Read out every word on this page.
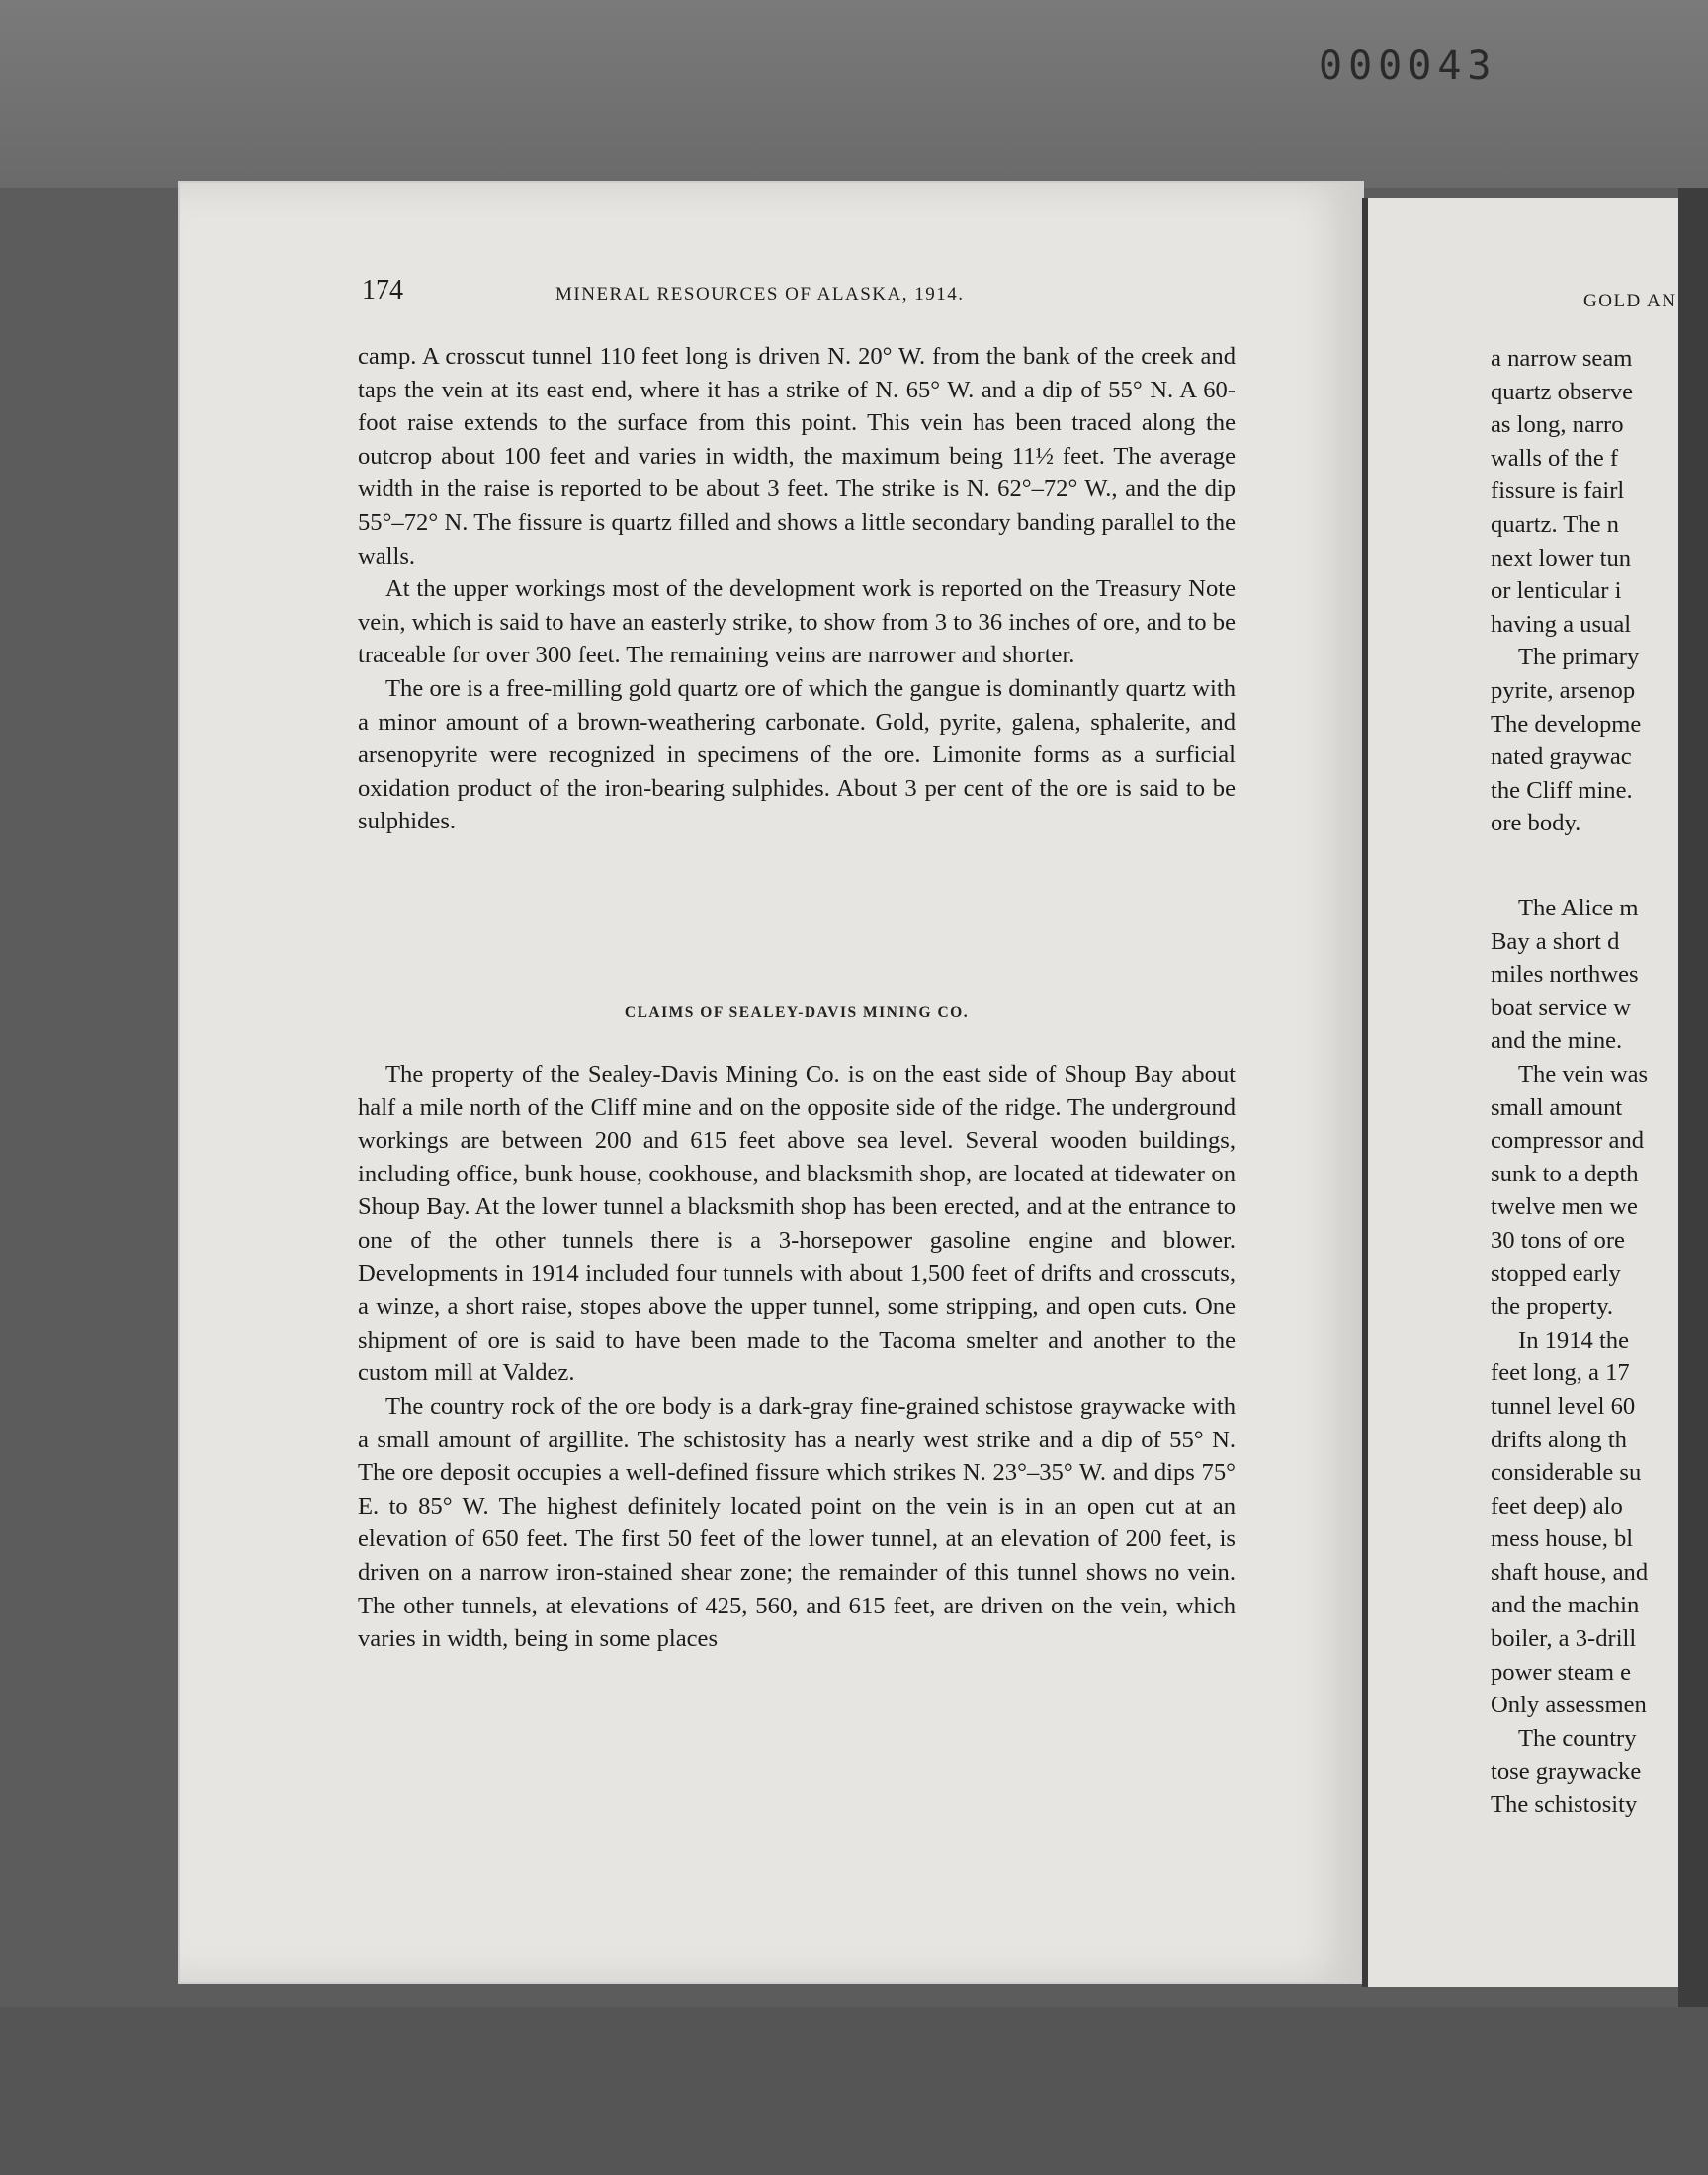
000043
174	MINERAL RESOURCES OF ALASKA, 1914.	GOLD AN

camp. A crosscut tunnel 110 feet long is driven N. 20° W. from the bank of the creek and taps the vein at its east end, where it has a strike of N. 65° W. and a dip of 55° N. A 60-foot raise extends to the surface from this point. This vein has been traced along the outcrop about 100 feet and varies in width, the maximum being 11½ feet. The average width in the raise is reported to be about 3 feet. The strike is N. 62°–72° W., and the dip 55°–72° N. The fissure is quartz filled and shows a little secondary banding parallel to the walls.

At the upper workings most of the development work is reported on the Treasury Note vein, which is said to have an easterly strike, to show from 3 to 36 inches of ore, and to be traceable for over 300 feet. The remaining veins are narrower and shorter.

The ore is a free-milling gold quartz ore of which the gangue is dominantly quartz with a minor amount of a brown-weathering carbonate. Gold, pyrite, galena, sphalerite, and arsenopyrite were recognized in specimens of the ore. Limonite forms as a surficial oxidation product of the iron-bearing sulphides. About 3 per cent of the ore is said to be sulphides.

CLAIMS OF SEALEY-DAVIS MINING CO.

The property of the Sealey-Davis Mining Co. is on the east side of Shoup Bay about half a mile north of the Cliff mine and on the opposite side of the ridge. The underground workings are between 200 and 615 feet above sea level. Several wooden buildings, including office, bunk house, cookhouse, and blacksmith shop, are located at tidewater on Shoup Bay. At the lower tunnel a blacksmith shop has been erected, and at the entrance to one of the other tunnels there is a 3-horsepower gasoline engine and blower. Developments in 1914 included four tunnels with about 1,500 feet of drifts and crosscuts, a winze, a short raise, stopes above the upper tunnel, some stripping, and open cuts. One shipment of ore is said to have been made to the Tacoma smelter and another to the custom mill at Valdez.

The country rock of the ore body is a dark-gray fine-grained schistose graywacke with a small amount of argillite. The schistosity has a nearly west strike and a dip of 55° N. The ore deposit occupies a well-defined fissure which strikes N. 23°–35° W. and dips 75° E. to 85° W. The highest definitely located point on the vein is in an open cut at an elevation of 650 feet. The first 50 feet of the lower tunnel, at an elevation of 200 feet, is driven on a narrow iron-stained shear zone; the remainder of this tunnel shows no vein. The other tunnels, at elevations of 425, 560, and 615 feet, are driven on the vein, which varies in width, being in some places

a narrow seam
quartz observe
as long, narro
walls of the f
fissure is fairl
quartz. The n
next lower tun
or lenticular i
having a usual
The primary
pyrite, arsenop
The developme
nated graywac
the Cliff mine.
ore body.
The Alice m
Bay a short d
miles northwes
boat service w
and the mine.
The vein was
small amount
compressor and
sunk to a depth
twelve men we
30 tons of ore
stopped early
the property.
In 1914 the
feet long, a 17
tunnel level 60
drifts along th
considerable su
feet deep) alo
mess house, bl
shaft house, and
and the machin
boiler, a 3-drill
power steam e
Only assessmen
The country
tose graywacke
The schistosity
